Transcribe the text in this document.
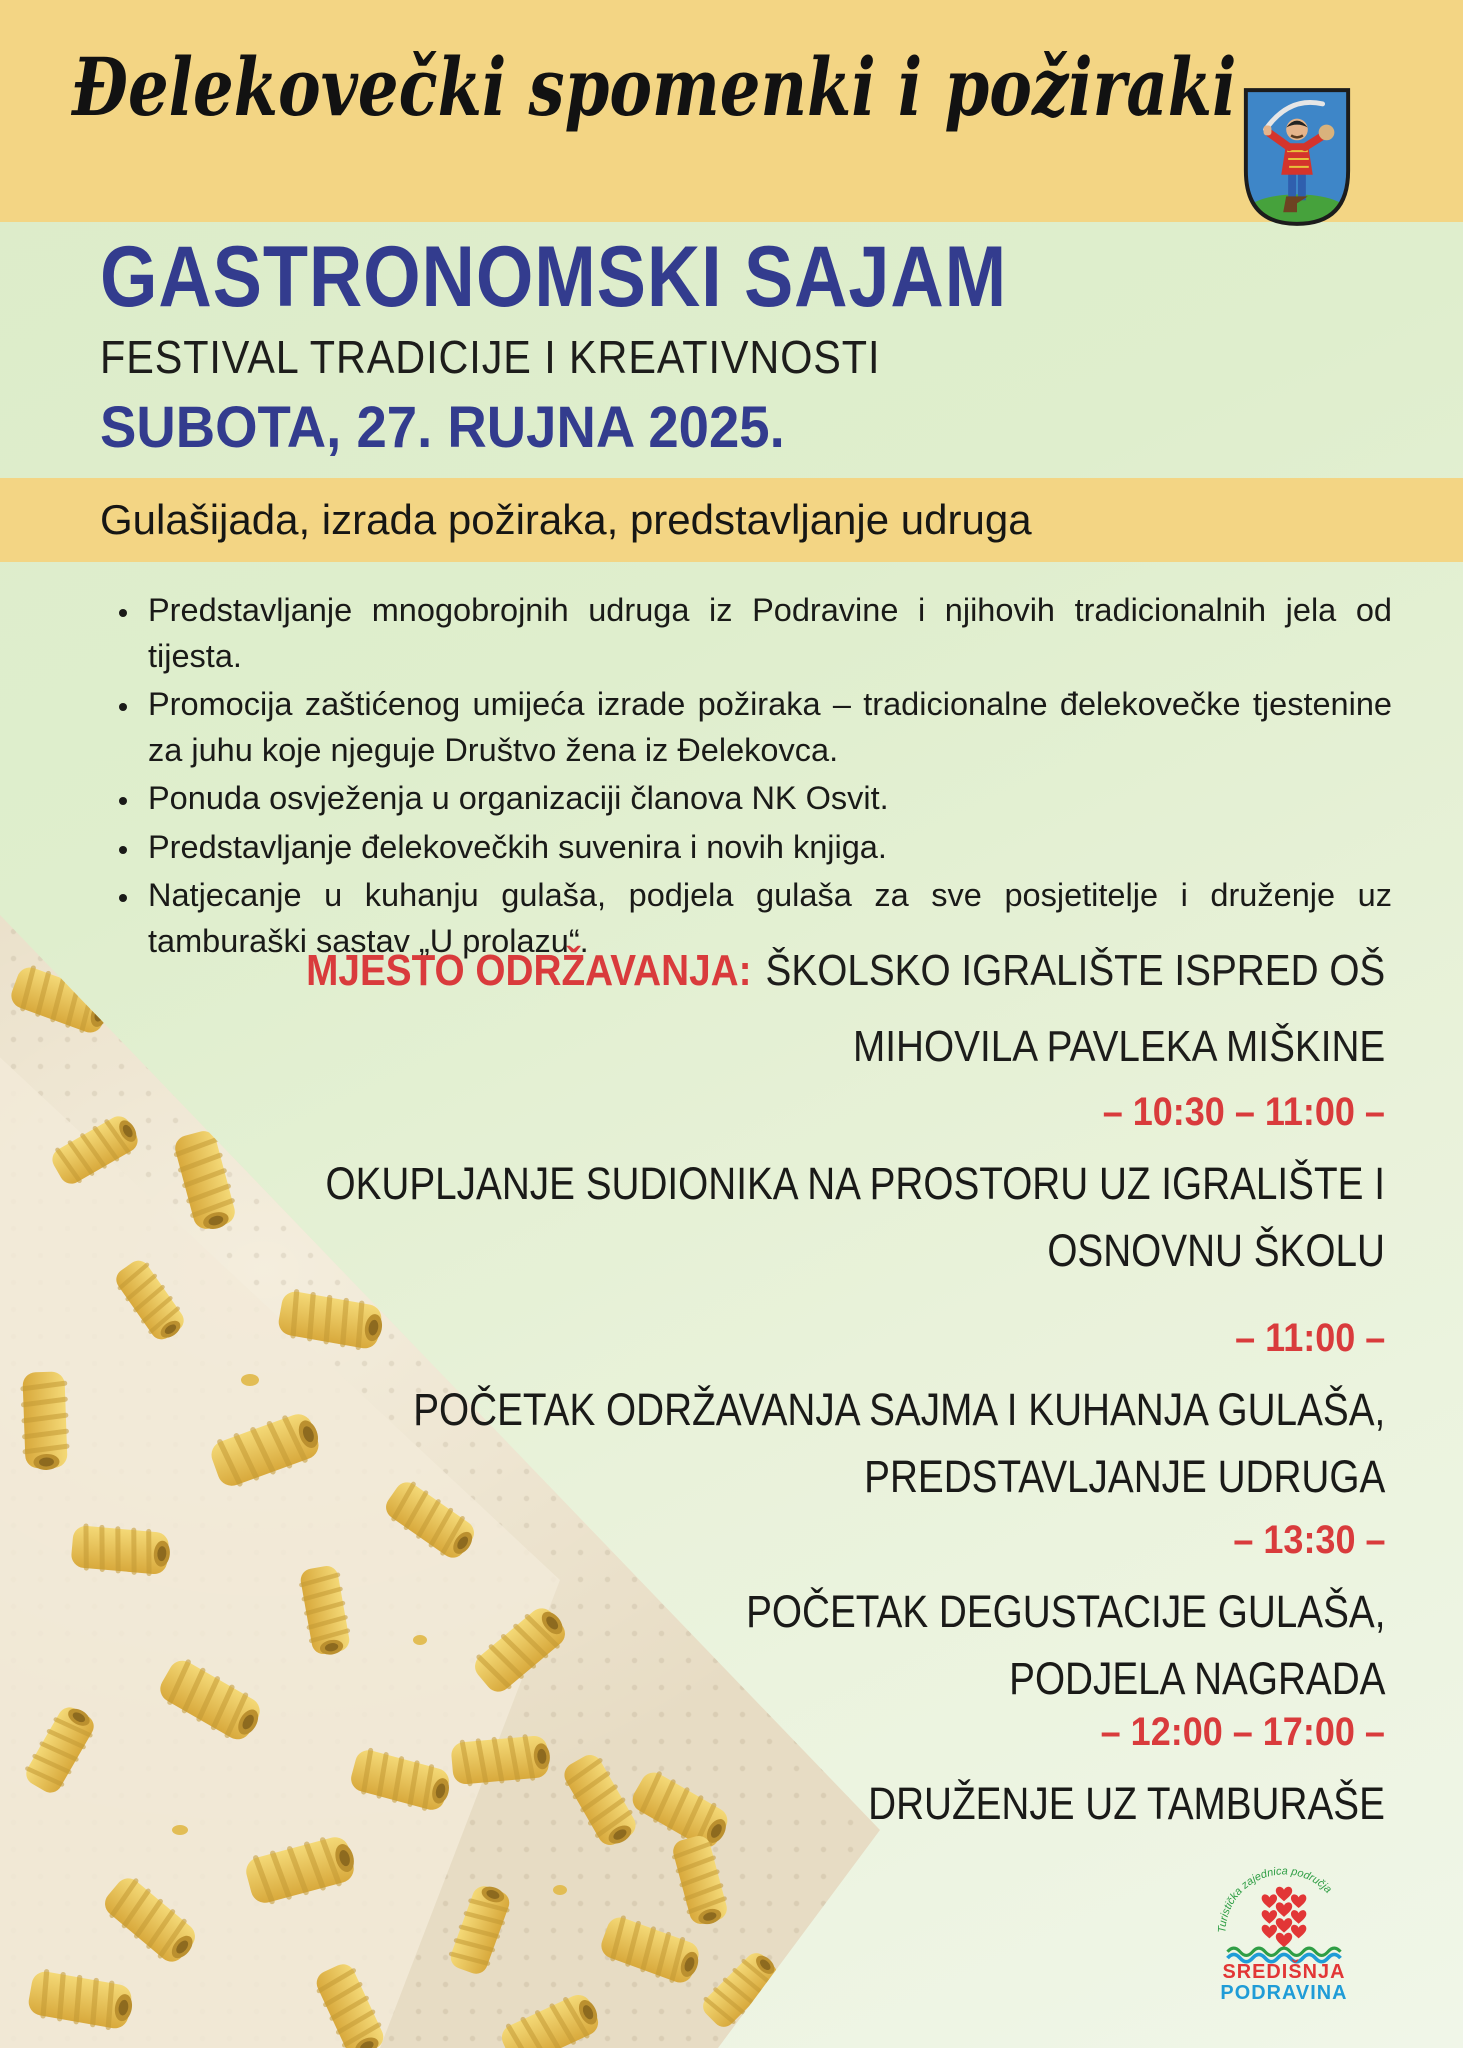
Đelekovečki spomenki i požiraki
GASTRONOMSKI SAJAM
FESTIVAL TRADICIJE I KREATIVNOSTI
SUBOTA, 27. RUJNA 2025.
Gulašijada, izrada požiraka, predstavljanje udruga
• Predstavljanje mnogobrojnih udruga iz Podravine i njihovih tradicionalnih jela od tijesta.
• Promocija zaštićenog umijeća izrade požiraka – tradicionalne đelekovečke tjestenine za juhu koje njeguje Društvo žena iz Đelekovca.
• Ponuda osvježenja u organizaciji članova NK Osvit.
• Predstavljanje đelekovečkih suvenira i novih knjiga.
• Natjecanje u kuhanju gulaša, podjela gulaša za sve posjetitelje i druženje uz tamburaški sastav „U prolazu“.
MJESTO ODRŽAVANJA: ŠKOLSKO IGRALIŠTE ISPRED OŠ
MIHOVILA PAVLEKA MIŠKINE
– 10:30 – 11:00 –
OKUPLJANJE SUDIONIKA NA PROSTORU UZ IGRALIŠTE I
OSNOVNU ŠKOLU
– 11:00 –
POČETAK ODRŽAVANJA SAJMA I KUHANJA GULAŠA,
PREDSTAVLJANJE UDRUGA
– 13:30 –
POČETAK DEGUSTACIJE GULAŠA,
PODJELA NAGRADA
– 12:00 – 17:00 –
DRUŽENJE UZ TAMBURAŠE
Turistička zajednica područja
SREDIŠNJA
PODRAVINA
